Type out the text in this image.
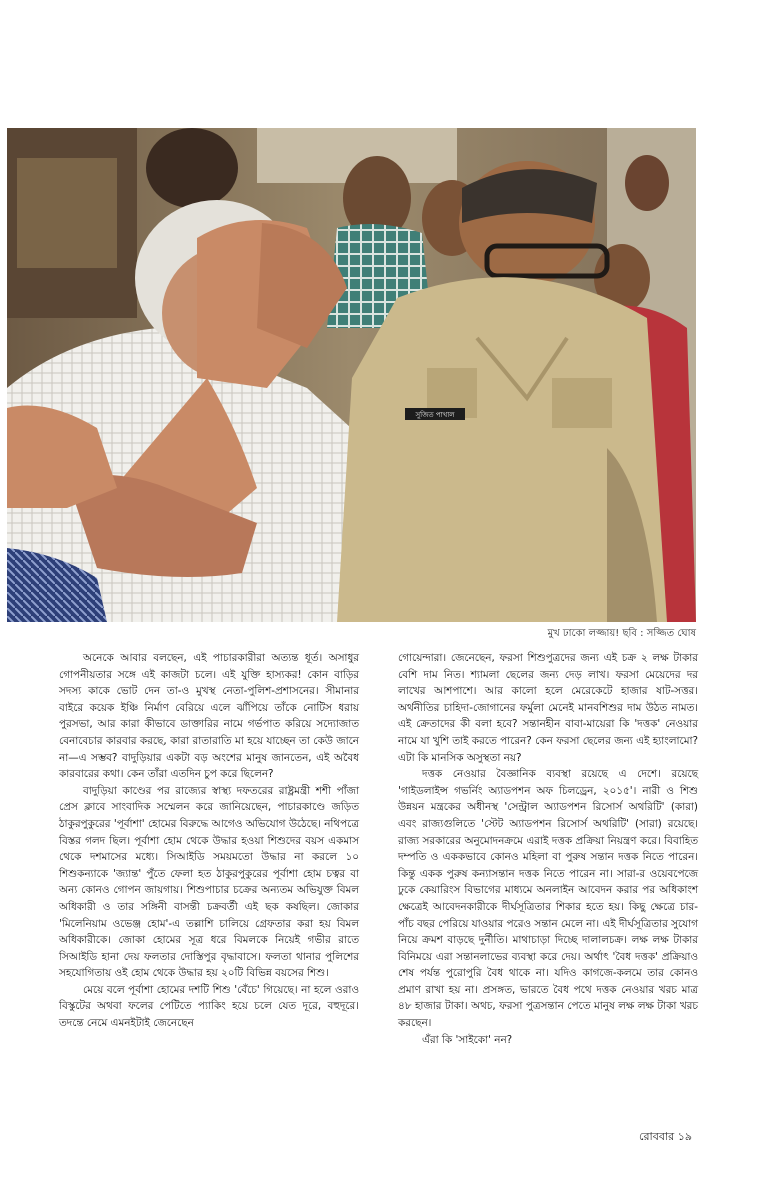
সুজিত পাখাল
মুখ ঢাকো লজ্জায়! ছবি : সজ্জিত ঘোষ

অনেকে আবার বলছেন, এই পাচারকারীরা অত্যন্ত ধূর্ত। অসাধুর গোপনীয়তার সঙ্গে এই কাজটা চলে। এই যুক্তি হাস্যকর! কোন বাড়ির সদস্য কাকে ভোট দেন তা-ও মুখস্থ নেতা-পুলিশ-প্রশাসনের। সীমানার বাইরে কয়েক ইঞ্চি নির্মাণ বেরিয়ে এলে ঝাঁপিয়ে তাঁকে নোটিস ধরায় পুরসভা, আর কারা কীভাবে ডাক্তারির নামে গর্ভপাত করিয়ে সদ্যোজাত বেনাবেচার কারবার করছে, কারা রাতারাতি মা হয়ে যাচ্ছেন তা কেউ জানে না—এ সম্ভব? বাদুড়িয়ার একটা বড় অংশের মানুষ জানতেন, এই অবৈধ কারবারের কথা। কেন তাঁরা এতদিন চুপ করে ছিলেন?

বাদুড়িয়া কাণ্ডের পর রাজ্যের স্বাস্থ্য দফতরের রাষ্ট্রমন্ত্রী শশী পাঁজা প্রেস ক্লাবে সাংবাদিক সম্মেলন করে জানিয়েছেন, পাচারকাণ্ডে জড়িত ঠাকুরপুকুরের 'পূর্বাশা' হোমের বিরুদ্ধে আগেও অভিযোগ উঠেছে। নথিপত্রে বিস্তর গলদ ছিল। পূর্বাশা হোম থেকে উদ্ধার হওয়া শিশুদের বয়স একমাস থেকে দশমাসের মধ্যে। সিআইডি সময়মতো উদ্ধার না করলে ১০ শিশুকন্যাকে 'জ্যান্ত' পুঁতে ফেলা হত ঠাকুরপুকুরের পূর্বাশা হোম চত্বর বা অন্য কোনও গোপন জায়গায়। শিশুপাচার চক্রের অন্যতম অভিযুক্ত বিমল অধিকারী ও তার সঙ্গিনী বাসন্তী চক্রবর্তী এই ছক কষছিল। জোকার 'মিলেনিয়াম ওভেঞ্জ হোম'-এ তল্লাশি চালিয়ে গ্রেফতার করা হয় বিমল অধিকারীকে। জোকা হোমের সূত্র ধরে বিমলকে নিয়েই গভীর রাতে সিআইডি হানা দেয় ফলতার দোস্তিপুর বৃদ্ধাবাসে। ফলতা থানার পুলিশের সহযোগিতায় ওই হোম থেকে উদ্ধার হয় ২০টি বিভিন্ন বয়সের শিশু।

মেয়ে বলে পূর্বাশা হোমের দশটি শিশু 'বেঁচে' গিয়েছে। না হলে ওরাও বিস্কুটের অথবা ফলের পেটিতে প্যাকিং হয়ে চলে যেত দূরে, বহুদূরে। তদন্তে নেমে এমনইটাই জেনেছেন

গোয়েন্দারা। জেনেছেন, ফরসা শিশুপুত্রদের জন্য এই চক্র ২ লক্ষ টাকার বেশি দাম নিত। শ্যামলা ছেলের জন্য দেড় লাখ। ফরসা মেয়েদের দর লাখের আশপাশে। আর কালো হলে মেরেকেটে হাজার ষাট-সত্তর। অর্থনীতির চাহিদা-জোগানের ফর্মুলা মেনেই মানবশিশুর দাম উঠত নামত। এই ক্রেতাদের কী বলা হবে? সন্তানহীন বাবা-মায়েরা কি 'দত্তক' নেওয়ার নামে যা খুশি তাই করতে পারেন? কেন ফরসা ছেলের জন্য এই হ্যাংলামো? এটা কি মানসিক অসুস্থতা নয়?

দত্তক নেওয়ার বৈজ্ঞানিক ব্যবস্থা রয়েছে এ দেশে। রয়েছে 'গাইডলাইন্স গভর্নিং অ্যাডপশন অফ চিলড্রেন, ২০১৫'। নারী ও শিশু উন্নয়ন মন্ত্রকের অধীনস্থ 'সেন্ট্রাল অ্যাডপশন রিসোর্স অথরিটি' (কারা) এবং রাজ্যগুলিতে 'স্টেট অ্যাডপশন রিসোর্স অথরিটি' (সারা) রয়েছে। রাজ্য সরকারের অনুমোদনক্রমে এরাই দত্তক প্রক্রিয়া নিয়ন্ত্রণ করে। বিবাহিত দম্পতি ও এককভাবে কোনও মহিলা বা পুরুষ সন্তান দত্তক নিতে পারেন। কিন্তু একক পুরুষ কন্যাসন্তান দত্তক নিতে পারেন না। সারা-র ওয়েবপেজে ঢুকে কেয়ারিংস বিভাগের মাধ্যমে অনলাইন আবেদন করার পর অধিকাংশ ক্ষেত্রেই আবেদনকারীকে দীর্ঘসূত্রিতার শিকার হতে হয়। কিছু ক্ষেত্রে চার-পাঁচ বছর পেরিয়ে যাওয়ার পরেও সন্তান মেলে না। এই দীর্ঘসূত্রিতার সুযোগ নিয়ে ক্রমশ বাড়ছে দুর্নীতি। মাথাচাড়া দিচ্ছে দালালচক্র। লক্ষ লক্ষ টাকার বিনিময়ে এরা সন্তানলাভের ব্যবস্থা করে দেয়। অর্থাৎ 'বৈধ দত্তক' প্রক্রিয়াও শেষ পর্যন্ত পুরোপুরি বৈধ থাকে না। যদিও কাগজে-কলমে তার কোনও প্রমাণ রাখা হয় না। প্রসঙ্গত, ভারতে বৈধ পথে দত্তক নেওয়ার খরচ মাত্র ৪৮ হাজার টাকা। অথচ, ফরসা পুত্রসন্তান পেতে মানুষ লক্ষ লক্ষ টাকা খরচ করছেন।

এঁরা কি 'সাইকো' নন?

রোববার ১৯
